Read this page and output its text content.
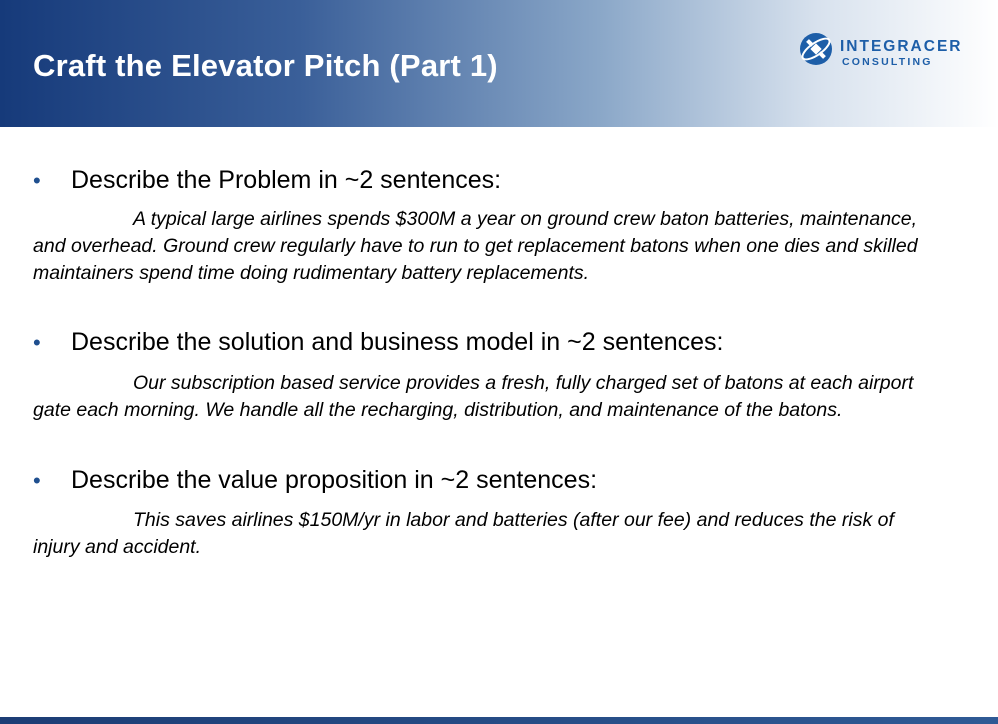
Craft the Elevator Pitch (Part 1)
INTEGRACER
CONSULTING
• Describe the Problem in ~2 sentences:
A typical large airlines spends $300M a year on ground crew baton batteries, maintenance, and overhead. Ground crew regularly have to run to get replacement batons when one dies and skilled maintainers spend time doing rudimentary battery replacements.
• Describe the solution and business model in ~2 sentences:
Our subscription based service provides a fresh, fully charged set of batons at each airport gate each morning. We handle all the recharging, distribution, and maintenance of the batons.
• Describe the value proposition in ~2 sentences:
This saves airlines $150M/yr in labor and batteries (after our fee) and reduces the risk of injury and accident.
